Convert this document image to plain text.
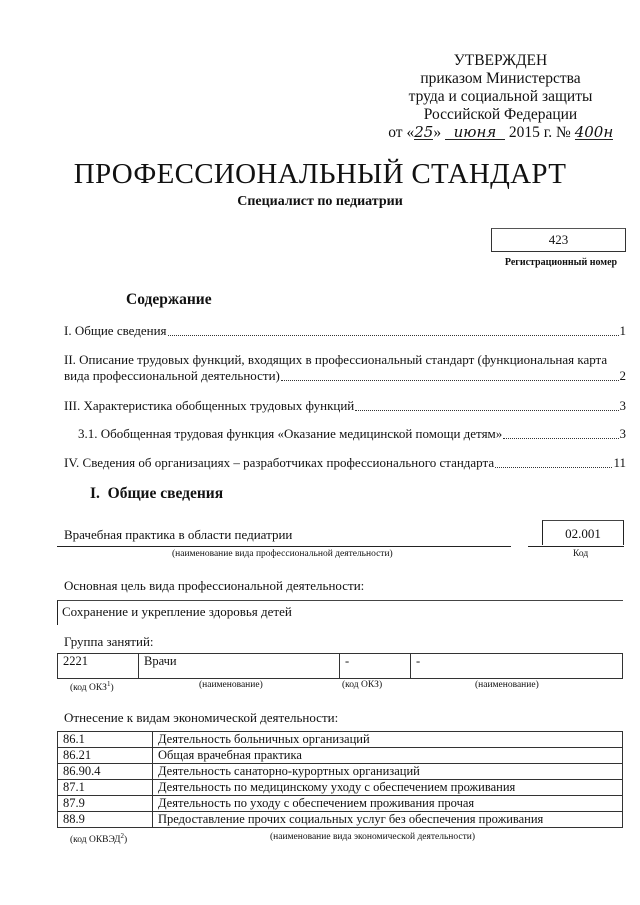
УТВЕРЖДЕН
приказом Министерства
труда и социальной защиты
Российской Федерации
от «25» июня 2015 г. № 400н
ПРОФЕССИОНАЛЬНЫЙ СТАНДАРТ
Специалист по педиатрии
423
Регистрационный номер
Содержание
I. Общие сведения	1
II. Описание трудовых функций, входящих в профессиональный стандарт (функциональная карта
вида профессиональной деятельности)	2
III. Характеристика обобщенных трудовых функций	3
3.1. Обобщенная трудовая функция «Оказание медицинской помощи детям»	3
IV. Сведения об организациях – разработчиках профессионального стандарта	11
I.  Общие сведения
Врачебная практика в области педиатрии
(наименование вида профессиональной деятельности)
02.001
Код
Основная цель вида профессиональной деятельности:
Сохранение и укрепление здоровья детей
Группа занятий:
2221	Врачи	-	-
(код ОКЗ$^1$)	(наименование)	(код ОКЗ)	(наименование)
Отнесение к видам экономической деятельности:
86.1	Деятельность больничных организаций
86.21	Общая врачебная практика
86.90.4	Деятельность санаторно-курортных организаций
87.1	Деятельность по медицинскому уходу с обеспечением проживания
87.9	Деятельность по уходу с обеспечением проживания прочая
88.9	Предоставление прочих социальных услуг без обеспечения проживания
(код ОКВЭД$^2$)	(наименование вида экономической деятельности)
